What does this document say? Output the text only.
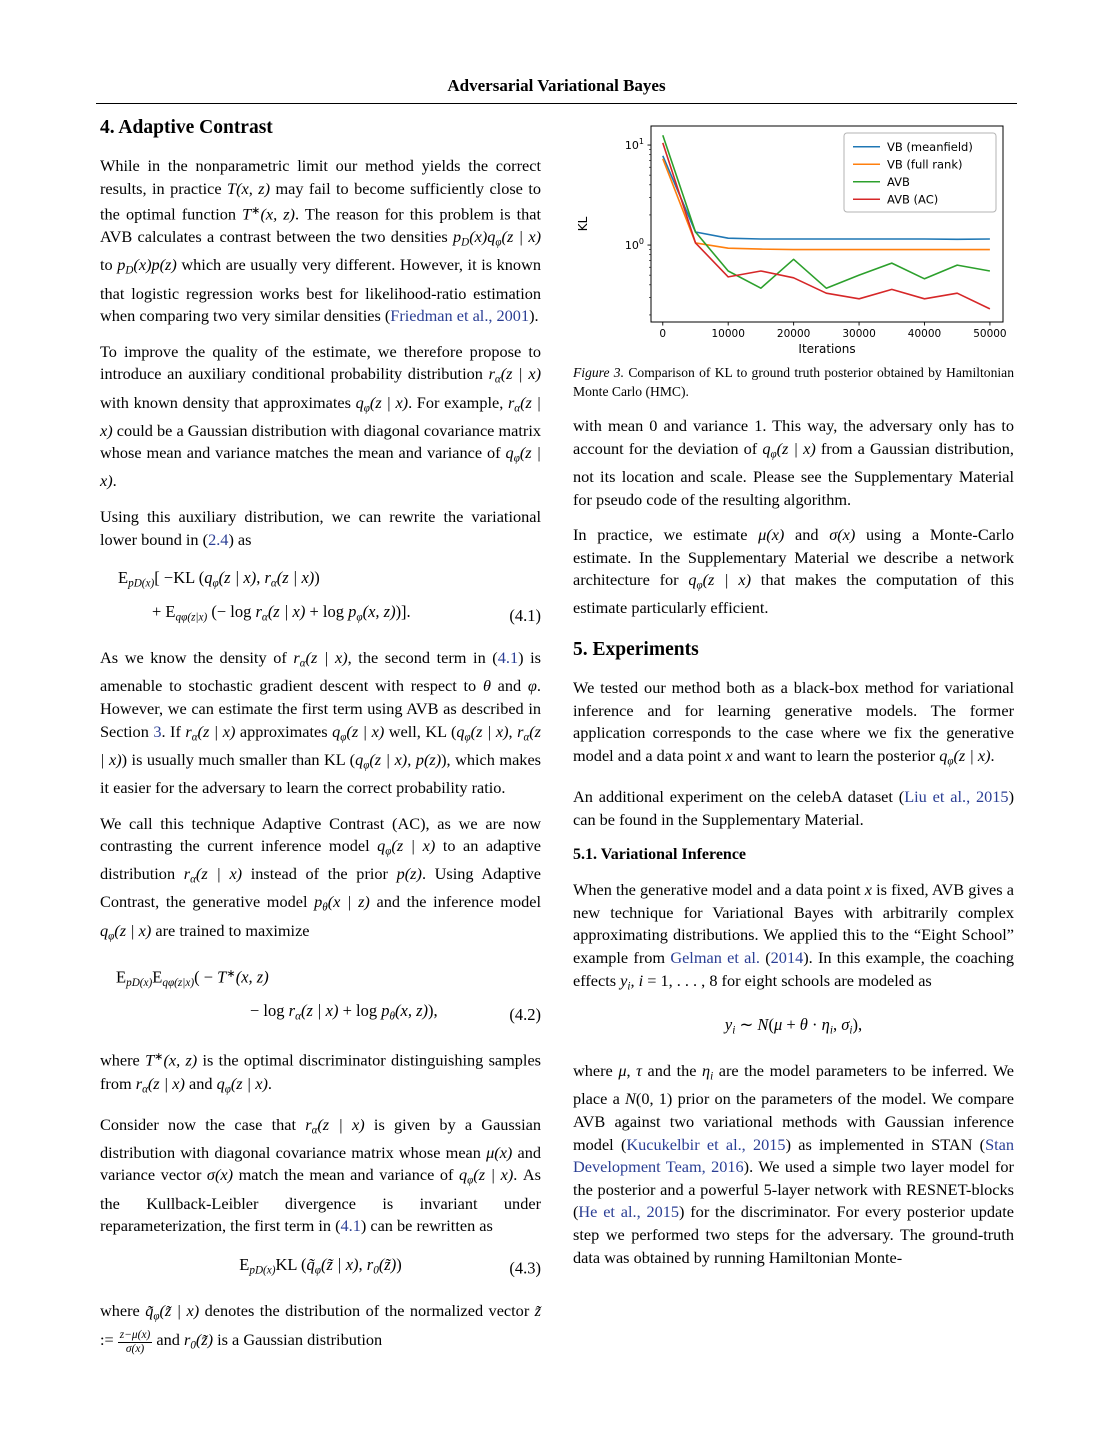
Adversarial Variational Bayes
4. Adaptive Contrast

While in the nonparametric limit our method yields the correct results, in practice T(x, z) may fail to become sufficiently close to the optimal function T∗(x, z). The reason for this problem is that AVB calculates a contrast between the two densities $p_D(x)q_\varphi(z$ | x) to $p_D(x)p(z)$ which are usually very different. However, it is known that logistic regression works best for likelihood-ratio estimation when comparing two very similar densities (Friedman et al., 2001).

To improve the quality of the estimate, we therefore propose to introduce an auxiliary conditional probability distribution $r_\alpha(z$ | x) with known density that approximates $q_\varphi(z$ | x). For example, $r_\alpha(z$ | x) could be a Gaussian distribution with diagonal covariance matrix whose mean and variance matches the mean and variance of $q_\varphi(z$ | x).

Using this auxiliary distribution, we can rewrite the variational lower bound in (2.4) as

$E_{pD(x)}[ -KL$ ($q_\varphi(z$ | x), $r_\alpha(z$ | x))
+ $E_{q\varphi(z|x)}$ (− $\log r_\alpha(z$ | $x) + \log p_\varphi(x$, z))].	(4.1)

As we know the density of $r_\alpha(z$ | x), the second term in (4.1) is amenable to stochastic gradient descent with respect to θ and φ. However, we can estimate the first term using AVB as described in Section 3. If $r_\alpha(z$ | x) approximates $q_\varphi(z$ | x) well, KL ($q_\varphi(z$ | x), $r_\alpha(z$ | x)) is usually much smaller than KL ($q_\varphi(z$ | x), p(z)), which makes it easier for the adversary to learn the correct probability ratio.

We call this technique Adaptive Contrast (AC), as we are now contrasting the current inference model $q_\varphi(z$ | x) to an adaptive distribution $r_\alpha(z$ | x) instead of the prior p(z). Using Adaptive Contrast, the generative model $p_\theta(x$ | z) and the inference model $q_\varphi(z$ | x) are trained to maximize

$E_{pD(x)}E_{q\varphi(z|x)}( - T^∗(x$, z)
− $\log r_\alpha(z$ | $x) + \log p_\theta(x$, z)),	(4.2)

where T∗(x, z) is the optimal discriminator distinguishing samples from $r_\alpha(z$ | x) and $q_\varphi(z$ | x).

Consider now the case that $r_\alpha(z$ | x) is given by a Gaussian distribution with diagonal covariance matrix whose mean μ(x) and variance vector σ(x) match the mean and variance of $q_\varphi(z$ | x). As the Kullback-Leibler divergence is invariant under reparameterization, the first term in (4.1) can be rewritten as

$E_{pD(x)}KL$ ($q̃_\varphi(z̃$ | x), $r_0(z̃)$)	(4.3)

where $q̃_\varphi(z̃$ | x) denotes the distribution of the normalized vector z̃ := $\frac{z-\mu(x)}{\sigma(x)}$ and $r_0(z̃)$ is a Gaussian distribution

0	10000	20000	30000	40000	50000
$10^1$
$10^0$
Iterations
KL
VB (meanfield)
VB (full rank)
AVB
AVB (AC)

Figure 3. Comparison of KL to ground truth posterior obtained by Hamiltonian Monte Carlo (HMC).

with mean 0 and variance 1. This way, the adversary only has to account for the deviation of $q_\varphi(z$ | x) from a Gaussian distribution, not its location and scale. Please see the Supplementary Material for pseudo code of the resulting algorithm.

In practice, we estimate μ(x) and σ(x) using a Monte-Carlo estimate. In the Supplementary Material we describe a network architecture for $q_\varphi(z$ | x) that makes the computation of this estimate particularly efficient.

5. Experiments

We tested our method both as a black-box method for variational inference and for learning generative models. The former application corresponds to the case where we fix the generative model and a data point x and want to learn the posterior $q_\varphi(z$ | x).

An additional experiment on the celebA dataset (Liu et al., 2015) can be found in the Supplementary Material.

5.1. Variational Inference

When the generative model and a data point x is fixed, AVB gives a new technique for Variational Bayes with arbitrarily complex approximating distributions. We applied this to the “Eight School” example from Gelman et al. (2014). In this example, the coaching effects $y_i$, i = 1, . . . , 8 for eight schools are modeled as

$y_i$ ∼ $N(\mu + \theta \cdot \eta_i$, $\sigma_i$),

where μ, τ and the $\eta_i$ are the model parameters to be inferred. We place a N(0, 1) prior on the parameters of the model. We compare AVB against two variational methods with Gaussian inference model (Kucukelbir et al., 2015) as implemented in STAN (Stan Development Team, 2016). We used a simple two layer model for the posterior and a powerful 5-layer network with RESNET-blocks (He et al., 2015) for the discriminator. For every posterior update step we performed two steps for the adversary. The ground-truth data was obtained by running Hamiltonian Monte-
